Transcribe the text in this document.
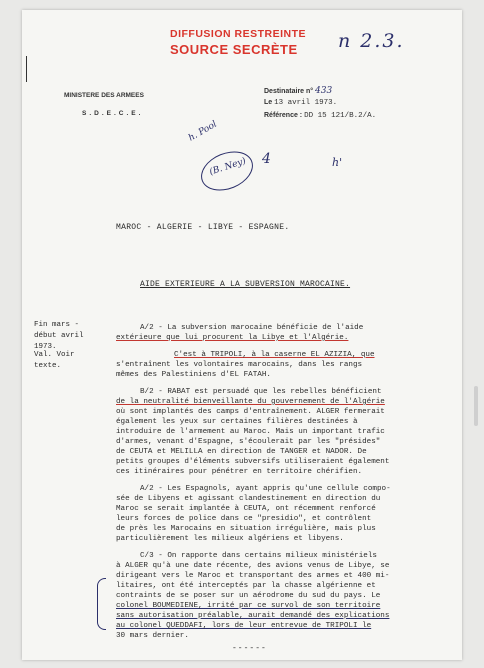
DIFFUSION RESTREINTE
SOURCE SECRÈTE n 2.3.
MINISTERE DES ARMEES
S.D.E.C.E.
Destinataire n° 433
Le 13 avril 1973.
Référence : DD 15 121/B.2/A.
h. Pool
(B. Ney) 4	h'
MAROC - ALGERIE - LIBYE - ESPAGNE.
AIDE EXTERIEURE A LA SUBVERSION MAROCAINE.
Fin mars -
début avril
1973.
Val. Voir
texte.
A/2 - La subversion marocaine bénéficie de l'aide
extérieure que lui procurent la Libye et l'Algérie.
C'est à TRIPOLI, à la caserne EL AZIZIA, que
s'entraînent les volontaires marocains, dans les rangs
mêmes des Palestiniens d'EL FATAH.
B/2 - RABAT est persuadé que les rebelles bénéficient
de la neutralité bienveillante du gouvernement de l'Algérie
où sont implantés des camps d'entraînement. ALGER fermerait
également les yeux sur certaines filières destinées à
introduire de l'armement au Maroc. Mais un important trafic
d'armes, venant d'Espagne, s'écoulerait par les "présides"
de CEUTA et MELILLA en direction de TANGER et NADOR. De
petits groupes d'éléments subversifs utiliseraient également
ces itinéraires pour pénétrer en territoire chérifien.
A/2 - Les Espagnols, ayant appris qu'une cellule compo-
sée de Libyens et agissant clandestinement en direction du
Maroc se serait implantée à CEUTA, ont récemment renforcé
leurs forces de police dans ce "presidio", et contrôlent
de près les Marocains en situation irrégulière, mais plus
particulièrement les milieux algériens et libyens.
C/3 - On rapporte dans certains milieux ministériels
à ALGER qu'à une date récente, des avions venus de Libye, se
dirigeant vers le Maroc et transportant des armes et 400 mi-
litaires, ont été interceptés par la chasse algérienne et
contraints de se poser sur un aérodrome du sud du pays. Le
colonel BOUMEDIENE, irrité par ce survol de son territoire
sans autorisation préalable, aurait demandé des explications
au colonel QUEDDAFI, lors de leur entrevue de TRIPOLI le
30 mars dernier.
------
